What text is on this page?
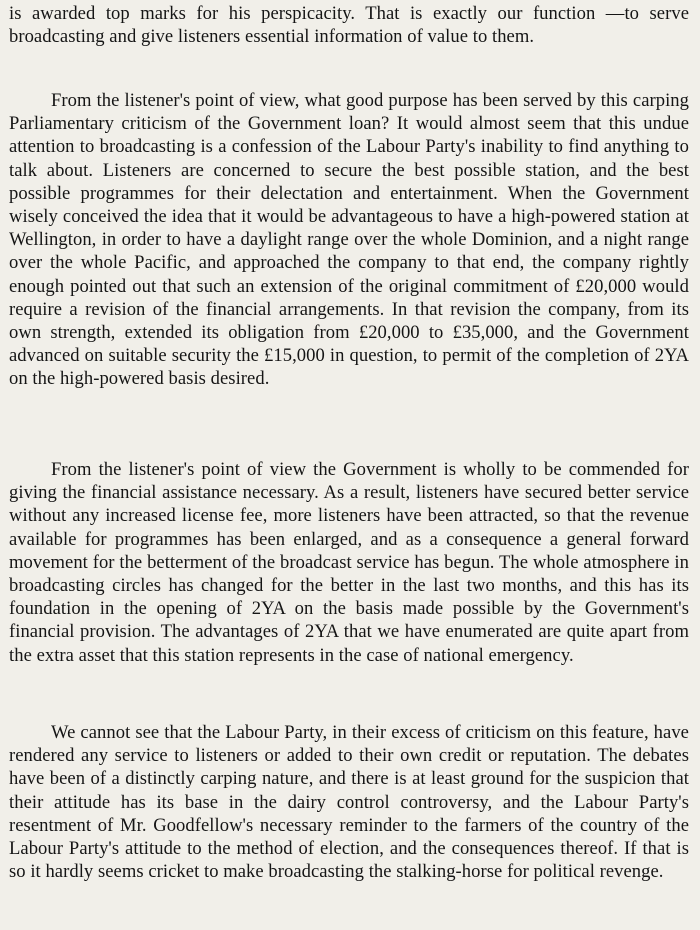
is awarded top marks for his perspicacity. That is exactly our function —to serve broadcasting and give listeners essential information of value to them.

From the listener's point of view, what good purpose has been served by this carping Parliamentary criticism of the Government loan? It would almost seem that this undue attention to broadcasting is a confession of the Labour Party's inability to find anything to talk about. Listeners are concerned to secure the best possible station, and the best possible programmes for their delectation and entertainment. When the Government wisely conceived the idea that it would be advantageous to have a high-powered station at Wellington, in order to have a daylight range over the whole Dominion, and a night range over the whole Pacific, and approached the company to that end, the company rightly enough pointed out that such an extension of the original commitment of £20,000 would require a revision of the financial arrangements. In that revision the company, from its own strength, extended its obligation from £20,000 to £35,000, and the Government advanced on suitable security the £15,000 in question, to permit of the completion of 2YA on the high-powered basis desired.

From the listener's point of view the Government is wholly to be commended for giving the financial assistance necessary. As a result, listeners have secured better service without any increased license fee, more listeners have been attracted, so that the revenue available for programmes has been enlarged, and as a consequence a general forward movement for the betterment of the broadcast service has begun. The whole atmosphere in broadcasting circles has changed for the better in the last two months, and this has its foundation in the opening of 2YA on the basis made possible by the Government's financial provision. The advantages of 2YA that we have enumerated are quite apart from the extra asset that this station represents in the case of national emergency.

We cannot see that the Labour Party, in their excess of criticism on this feature, have rendered any service to listeners or added to their own credit or reputation. The debates have been of a distinctly carping nature, and there is at least ground for the suspicion that their attitude has its base in the dairy control controversy, and the Labour Party's resentment of Mr. Goodfellow's necessary reminder to the farmers of the country of the Labour Party's attitude to the method of election, and the consequences thereof. If that is so it hardly seems cricket to make broadcasting the stalking-horse for political revenge.
